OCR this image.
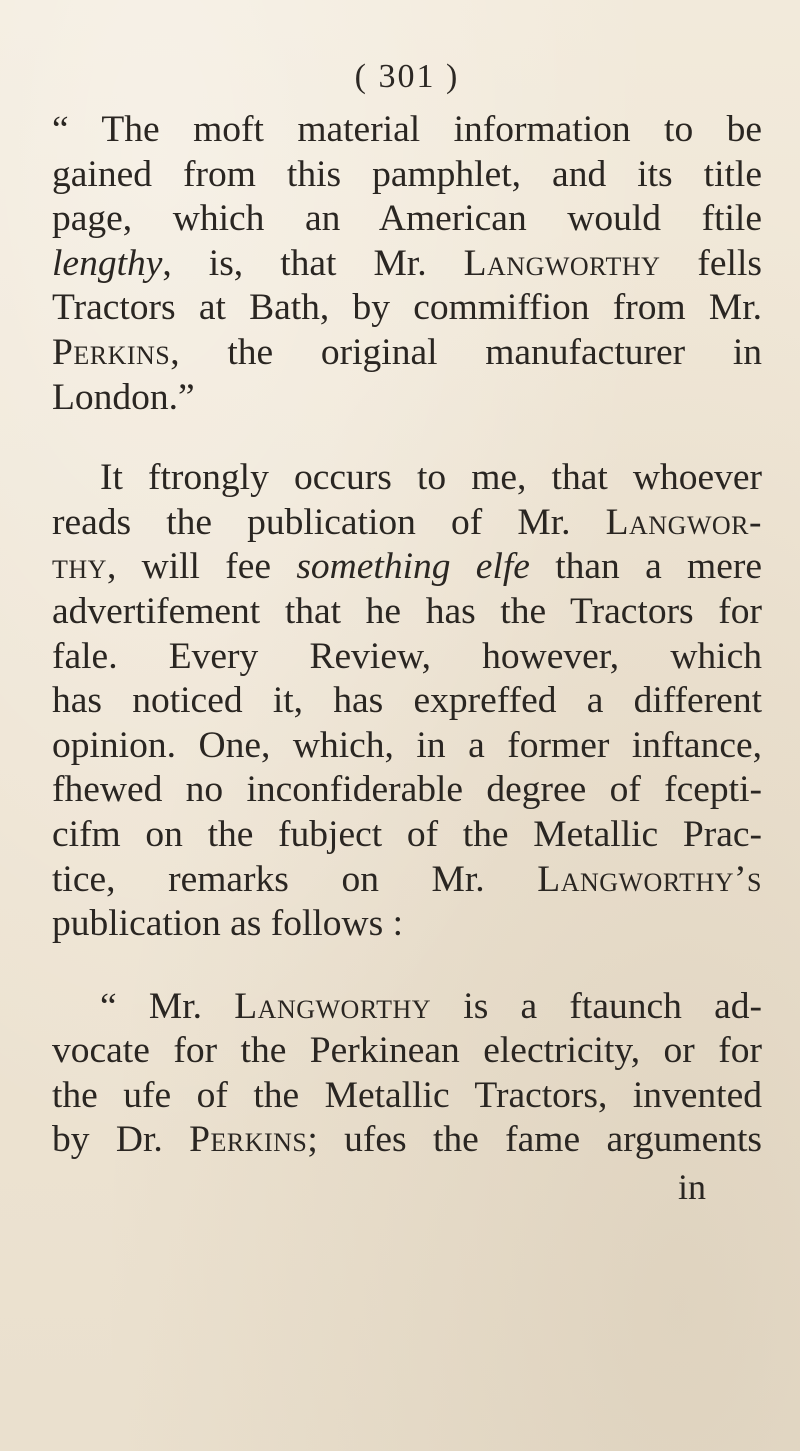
( 301 )
“ The moft material information to be
gained from this pamphlet, and its title
page, which an American would ftile
lengthy, is, that Mr. Langworthy fells
Tractors at Bath, by commiffion from Mr.
Perkins, the original manufacturer in
London.”
It ftrongly occurs to me, that whoever
reads the publication of Mr. Langwor-
thy, will fee something elfe than a mere
advertifement that he has the Tractors for
fale. Every Review, however, which
has noticed it, has expreffed a different
opinion. One, which, in a former inftance,
fhewed no inconfiderable degree of fcepti-
cifm on the fubject of the Metallic Prac-
tice, remarks on Mr. Langworthy’s
publication as follows :
“ Mr. Langworthy is a ftaunch ad-
vocate for the Perkinean electricity, or for
the ufe of the Metallic Tractors, invented
by Dr. Perkins; ufes the fame arguments
in
